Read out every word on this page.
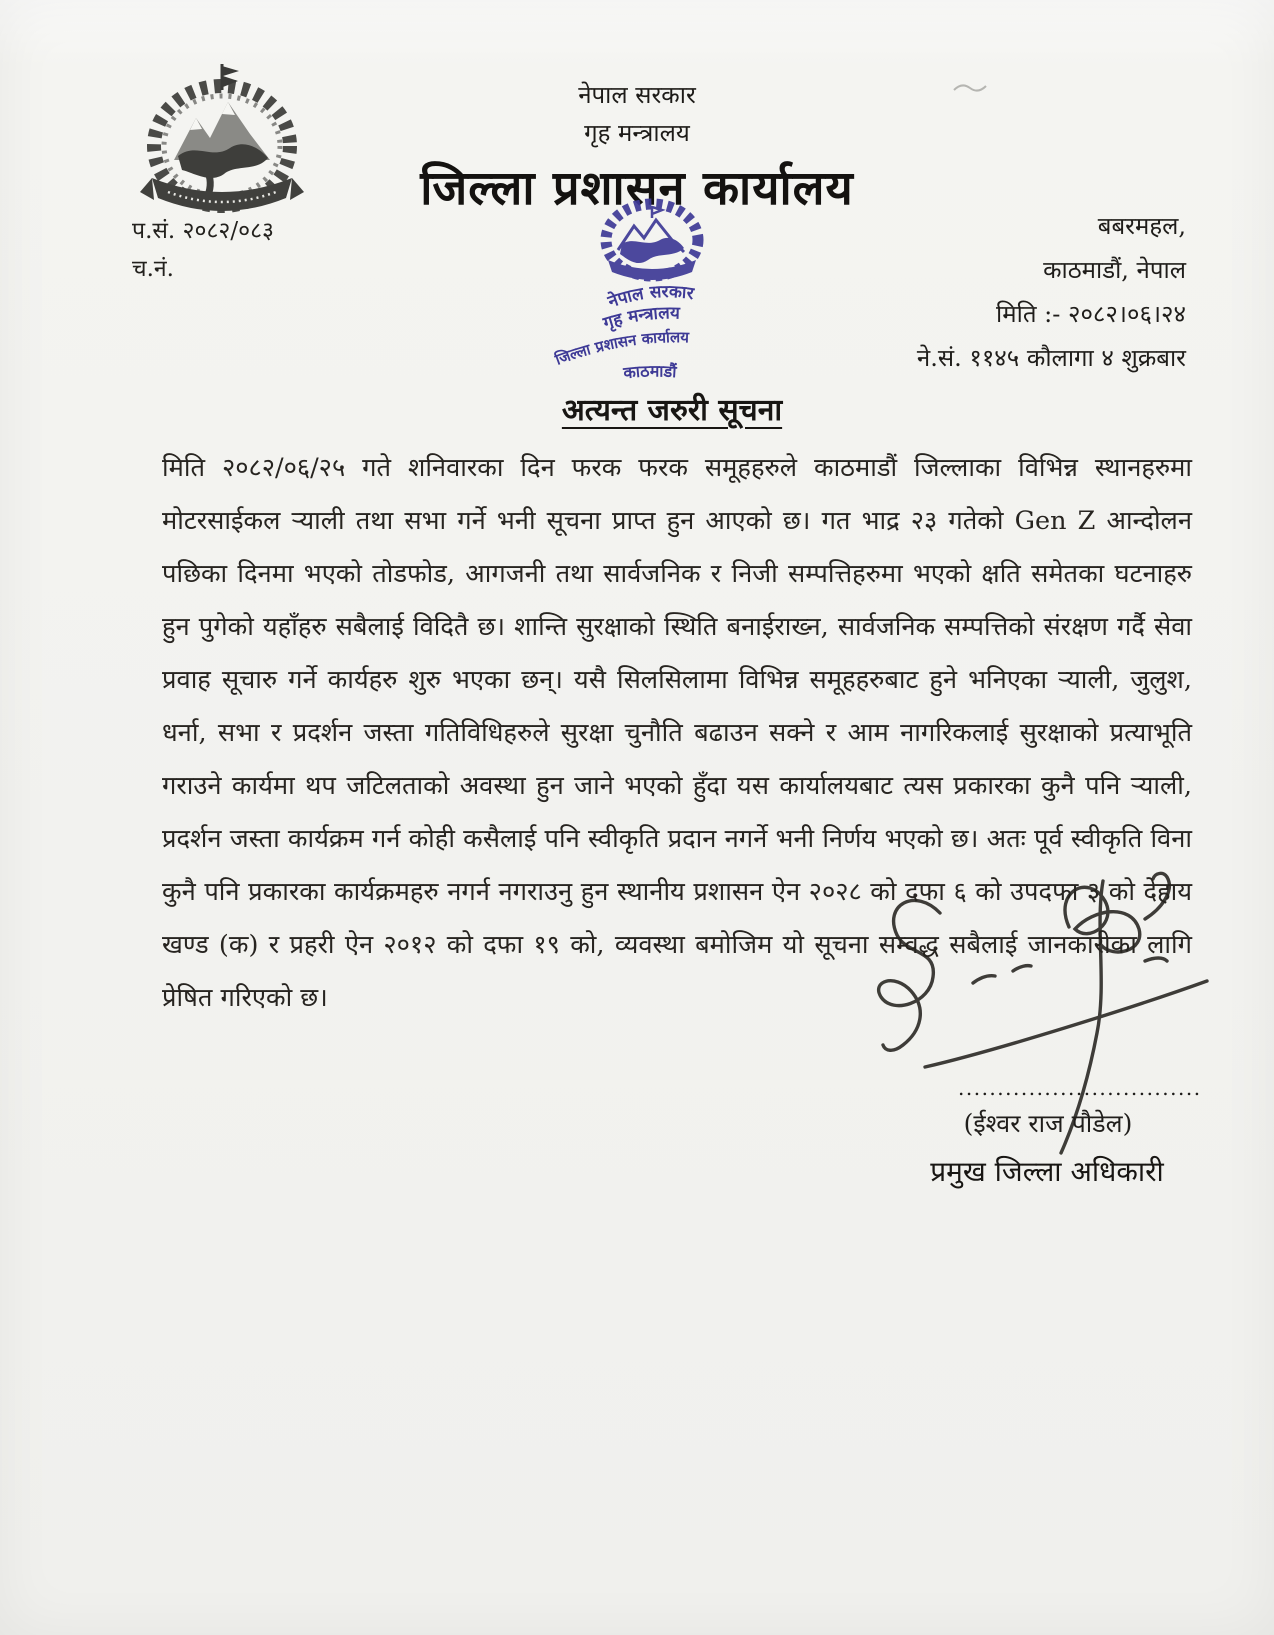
नेपाल सरकार
गृह मन्त्रालय
जिल्ला प्रशासन कार्यालय
नेपाल सरकार
गृह मन्त्रालय
जिल्ला प्रशासन कार्यालय
काठमाडौं
प.सं. २०८२/०८३
च.नं.
बबरमहल,
काठमाडौं, नेपाल
मिति :- २०८२।०६।२४
ने.सं. ११४५ कौलागा ४ शुक्रबार
अत्यन्त जरुरी सूचना
मिति २०८२/०६/२५ गते शनिवारका दिन फरक फरक समूहहरुले काठमाडौं जिल्लाका विभिन्न स्थानहरुमा मोटरसाईकल ऱ्याली तथा सभा गर्ने भनी सूचना प्राप्त हुन आएको छ। गत भाद्र २३ गतेको Gen Z आन्दोलन पछिका दिनमा भएको तोडफोड, आगजनी तथा सार्वजनिक र निजी सम्पत्तिहरुमा भएको क्षति समेतका घटनाहरु हुन पुगेको यहाँहरु सबैलाई विदितै छ। शान्ति सुरक्षाको स्थिति बनाईराख्न, सार्वजनिक सम्पत्तिको संरक्षण गर्दै सेवा प्रवाह सूचारु गर्ने कार्यहरु शुरु भएका छन्। यसै सिलसिलामा विभिन्न समूहहरुबाट हुने भनिएका ऱ्याली, जुलुश, धर्ना, सभा र प्रदर्शन जस्ता गतिविधिहरुले सुरक्षा चुनौति बढाउन सक्ने र आम नागरिकलाई सुरक्षाको प्रत्याभूति गराउने कार्यमा थप जटिलताको अवस्था हुन जाने भएको हुँदा यस कार्यालयबाट त्यस प्रकारका कुनै पनि ऱ्याली, प्रदर्शन जस्ता कार्यक्रम गर्न कोही कसैलाई पनि स्वीकृति प्रदान नगर्ने भनी निर्णय भएको छ। अतः पूर्व स्वीकृति विना कुनै पनि प्रकारका कार्यक्रमहरु नगर्न नगराउनु हुन स्थानीय प्रशासन ऐन २०२८ को दफा ६ को उपदफा ३ को देहाय खण्ड (क) र प्रहरी ऐन २०१२ को दफा १९ को, व्यवस्था बमोजिम यो सूचना सम्वद्ध सबैलाई जानकारीका लागि प्रेषित गरिएको छ।
...............................
(ईश्वर राज पौडेल)
प्रमुख जिल्ला अधिकारी
